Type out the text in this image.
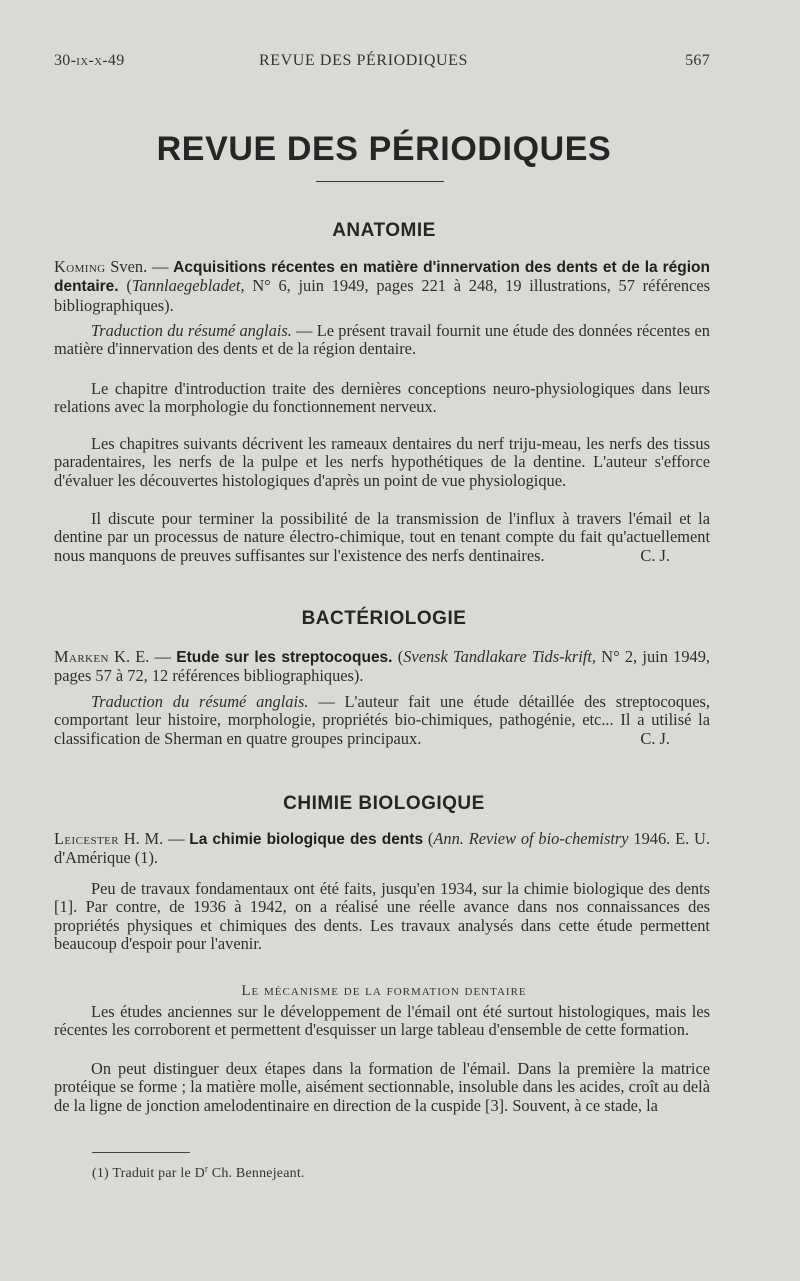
30-ix-x-49	REVUE DES PÉRIODIQUES	567
REVUE DES PÉRIODIQUES
ANATOMIE
Koming Sven. — Acquisitions récentes en matière d'innervation des dents et de la région dentaire. (Tannlaegebladet, N° 6, juin 1949, pages 221 à 248, 19 illustrations, 57 références bibliographiques).
Traduction du résumé anglais. — Le présent travail fournit une étude des données récentes en matière d'innervation des dents et de la région dentaire.
Le chapitre d'introduction traite des dernières conceptions neuro-physiologiques dans leurs relations avec la morphologie du fonctionnement nerveux.
Les chapitres suivants décrivent les rameaux dentaires du nerf triju-meau, les nerfs des tissus paradentaires, les nerfs de la pulpe et les nerfs hypothétiques de la dentine. L'auteur s'efforce d'évaluer les découvertes histologiques d'après un point de vue physiologique.
Il discute pour terminer la possibilité de la transmission de l'influx à travers l'émail et la dentine par un processus de nature électro-chimique, tout en tenant compte du fait qu'actuellement nous manquons de preuves suffisantes sur l'existence des nerfs dentinaires.	C. J.
BACTÉRIOLOGIE
Marken K. E. — Etude sur les streptocoques. (Svensk Tandlakare Tids-krift, N° 2, juin 1949, pages 57 à 72, 12 références bibliographiques).
Traduction du résumé anglais. — L'auteur fait une étude détaillée des streptocoques, comportant leur histoire, morphologie, propriétés bio-chimiques, pathogénie, etc... Il a utilisé la classification de Sherman en quatre groupes principaux.	C. J.
CHIMIE BIOLOGIQUE
Leicester H. M. — La chimie biologique des dents (Ann. Review of bio-chemistry 1946. E. U. d'Amérique (1).
Peu de travaux fondamentaux ont été faits, jusqu'en 1934, sur la chimie biologique des dents [1]. Par contre, de 1936 à 1942, on a réalisé une réelle avance dans nos connaissances des propriétés physiques et chimiques des dents. Les travaux analysés dans cette étude permettent beaucoup d'espoir pour l'avenir.
Le mécanisme de la formation dentaire
Les études anciennes sur le développement de l'émail ont été surtout histologiques, mais les récentes les corroborent et permettent d'esquisser un large tableau d'ensemble de cette formation.
On peut distinguer deux étapes dans la formation de l'émail. Dans la première la matrice protéique se forme ; la matière molle, aisément sectionnable, insoluble dans les acides, croît au delà de la ligne de jonction amelodentinaire en direction de la cuspide [3]. Souvent, à ce stade, la
(1) Traduit par le $D^r$ Ch. Bennejeant.
